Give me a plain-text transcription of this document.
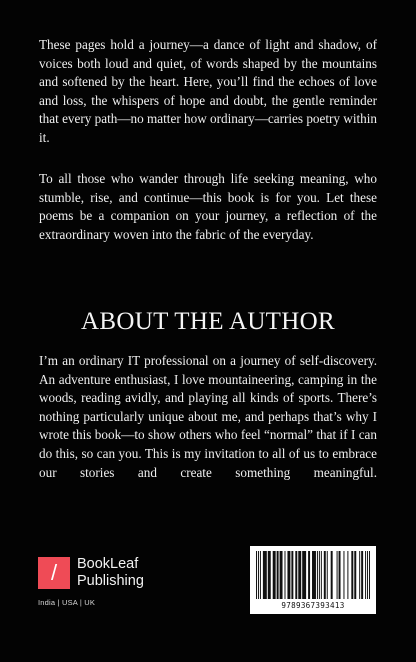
These pages hold a journey—a dance of light and shadow, of voices both loud and quiet, of words shaped by the mountains and softened by the heart. Here, you’ll find the echoes of love and loss, the whispers of hope and doubt, the gentle reminder that every path—no matter how ordinary—carries poetry within it.

To all those who wander through life seeking meaning, who stumble, rise, and continue—this book is for you. Let these poems be a companion on your journey, a reflection of the extraordinary woven into the fabric of the everyday.

ABOUT THE AUTHOR

I’m an ordinary IT professional on a journey of self-discovery. An adventure enthusiast, I love mountaineering, camping in the woods, reading avidly, and playing all kinds of sports. There’s nothing particularly unique about me, and perhaps that’s why I wrote this book—to show others who feel “normal” that if I can do this, so can you. This is my invitation to all of us to embrace our stories and create something meaningful.

/	BookLeaf
Publishing
India | USA | UK	9789367393413
